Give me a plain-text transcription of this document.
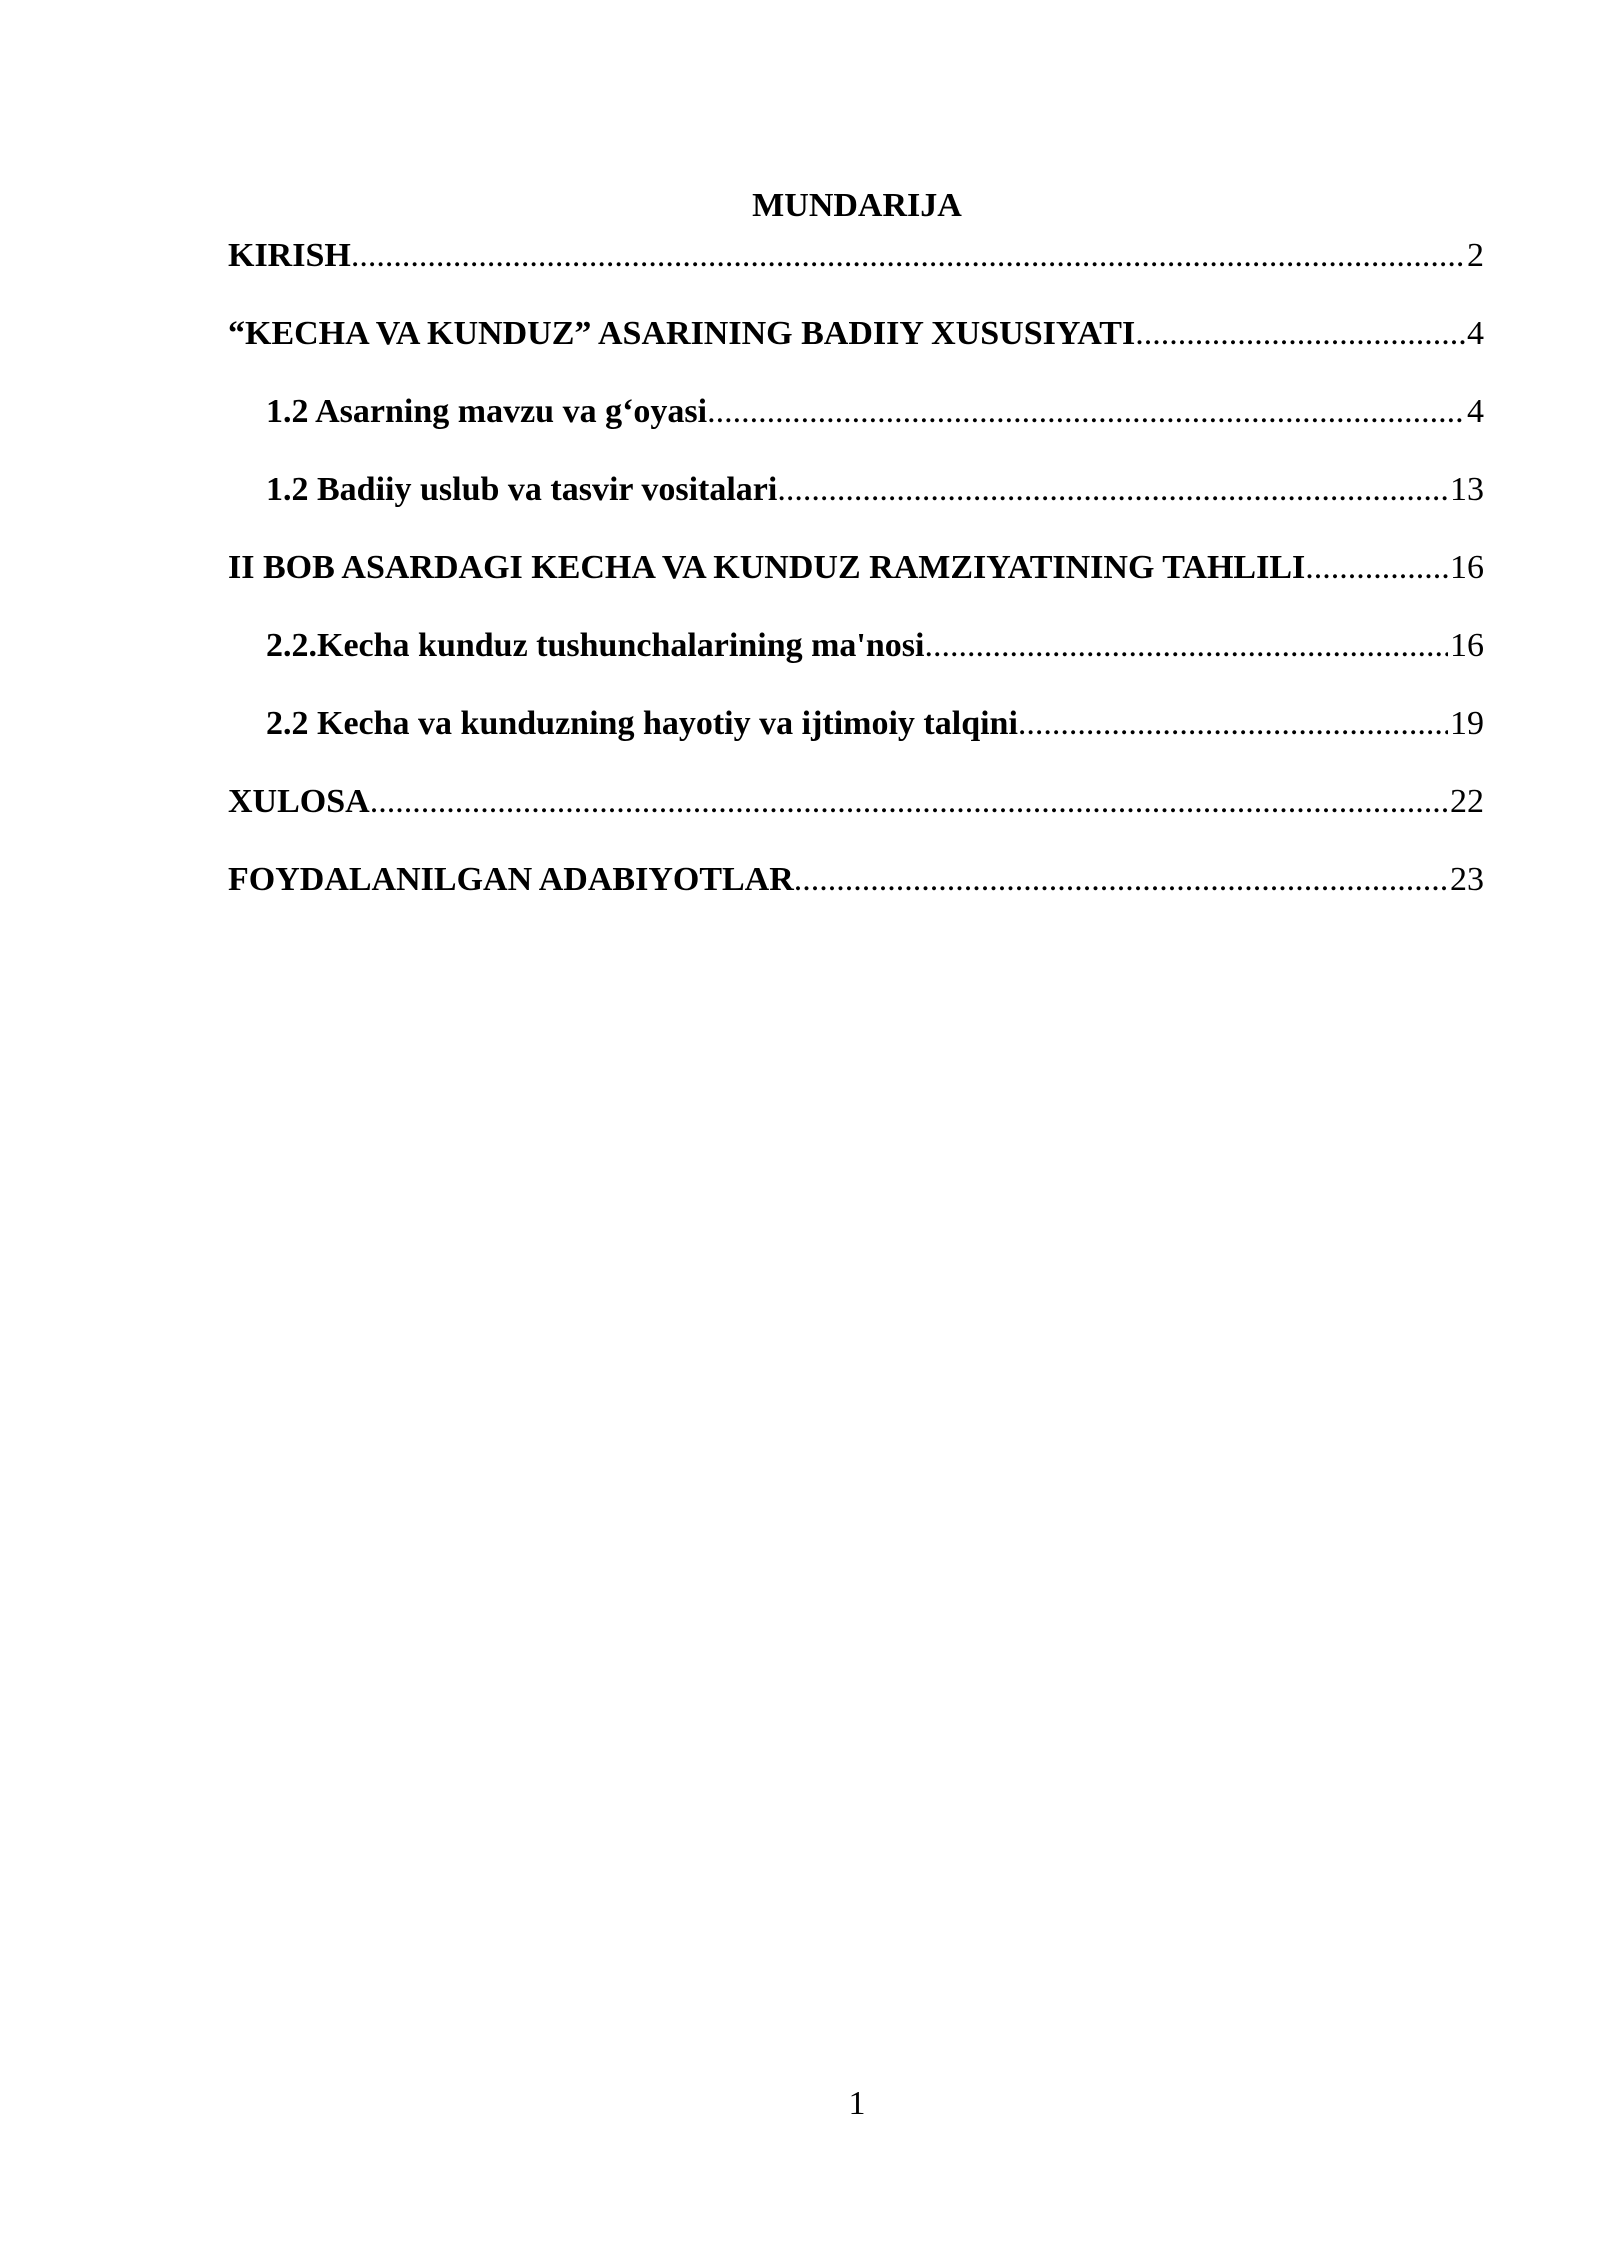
MUNDARIJA
KIRISH .....	2
“KECHA VA KUNDUZ” ASARINING BADIIY XUSUSIYATI .....	4
1.2 Asarning mavzu va g‘oyasi .....	4
1.2 Badiiy uslub va tasvir vositalari .....	13
II BOB ASARDAGI KECHA VA KUNDUZ RAMZIYATINING TAHLILI .....	16
2.2.Kecha kunduz tushunchalarining ma'nosi .....	16
2.2 Kecha va kunduzning hayotiy va ijtimoiy talqini .....	19
XULOSA .....	22
FOYDALANILGAN ADABIYOTLAR .....	23
1
